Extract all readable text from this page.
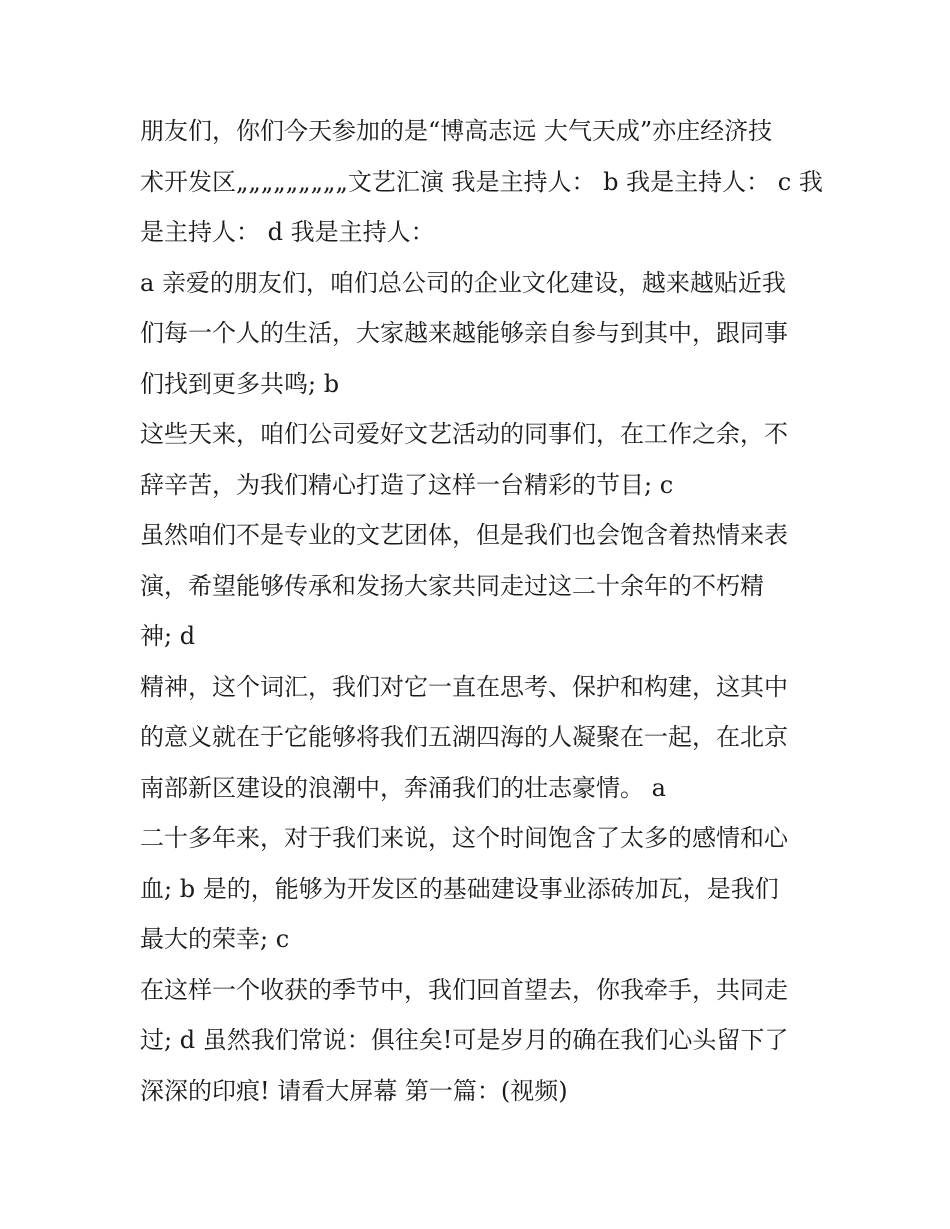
朋友们，你们今天参加的是“博高志远 大气天成”亦庄经济技
术开发区„„„„„„„„„文艺汇演 我是主持人： b 我是主持人： c 我
是主持人： d 我是主持人：
a 亲爱的朋友们，咱们总公司的企业文化建设，越来越贴近我
们每一个人的生活，大家越来越能够亲自参与到其中，跟同事
们找到更多共鸣; b
这些天来，咱们公司爱好文艺活动的同事们，在工作之余，不
辞辛苦，为我们精心打造了这样一台精彩的节目; c
虽然咱们不是专业的文艺团体，但是我们也会饱含着热情来表
演，希望能够传承和发扬大家共同走过这二十余年的不朽精
神; d
精神，这个词汇，我们对它一直在思考、保护和构建，这其中
的意义就在于它能够将我们五湖四海的人凝聚在一起，在北京
南部新区建设的浪潮中，奔涌我们的壮志豪情。 a
二十多年来，对于我们来说，这个时间饱含了太多的感情和心
血; b 是的，能够为开发区的基础建设事业添砖加瓦，是我们
最大的荣幸; c
在这样一个收获的季节中，我们回首望去，你我牵手，共同走
过; d 虽然我们常说：俱往矣!可是岁月的确在我们心头留下了
深深的印痕! 请看大屏幕 第一篇：(视频)
